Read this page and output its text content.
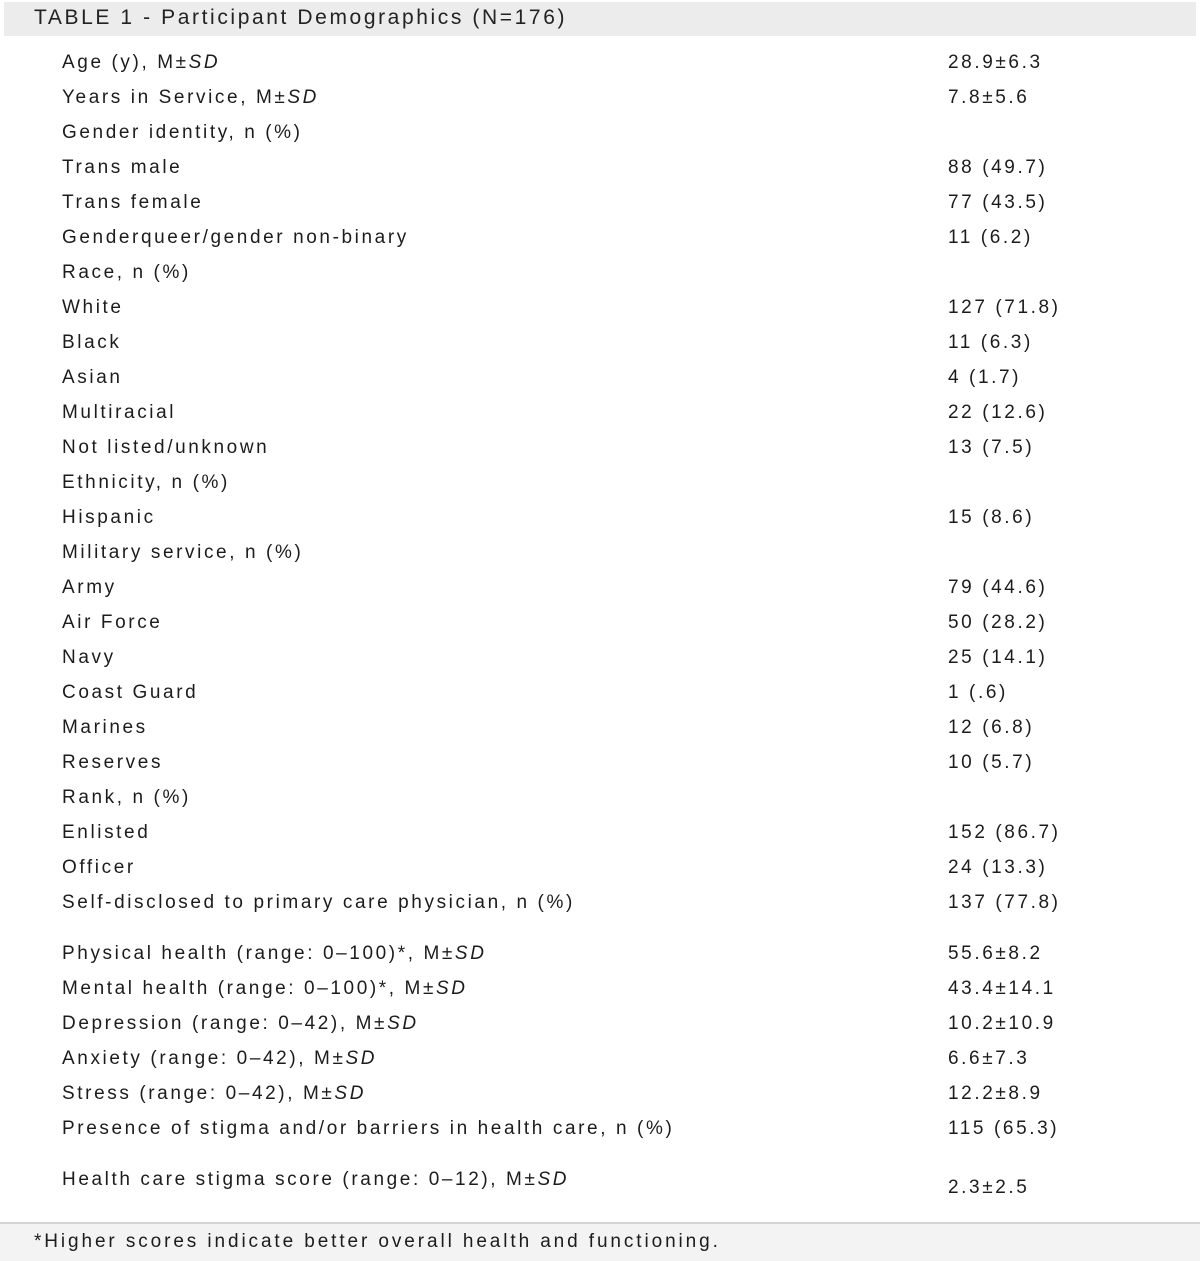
TABLE 1 - Participant Demographics (N=176)
Age (y), M±SD	28.9±6.3
Years in Service, M±SD	7.8±5.6
Gender identity, n (%)
Trans male	88 (49.7)
Trans female	77 (43.5)
Genderqueer/gender non-binary	11 (6.2)
Race, n (%)
White	127 (71.8)
Black	11 (6.3)
Asian	4 (1.7)
Multiracial	22 (12.6)
Not listed/unknown	13 (7.5)
Ethnicity, n (%)
Hispanic	15 (8.6)
Military service, n (%)
Army	79 (44.6)
Air Force	50 (28.2)
Navy	25 (14.1)
Coast Guard	1 (.6)
Marines	12 (6.8)
Reserves	10 (5.7)
Rank, n (%)
Enlisted	152 (86.7)
Officer	24 (13.3)
Self-disclosed to primary care physician, n (%)	137 (77.8)
Physical health (range: 0–100)*, M±SD	55.6±8.2
Mental health (range: 0–100)*, M±SD	43.4±14.1
Depression (range: 0–42), M±SD	10.2±10.9
Anxiety (range: 0–42), M±SD	6.6±7.3
Stress (range: 0–42), M±SD	12.2±8.9
Presence of stigma and/or barriers in health care, n (%)	115 (65.3)
Health care stigma score (range: 0–12), M±SD	2.3±2.5
*Higher scores indicate better overall health and functioning.
